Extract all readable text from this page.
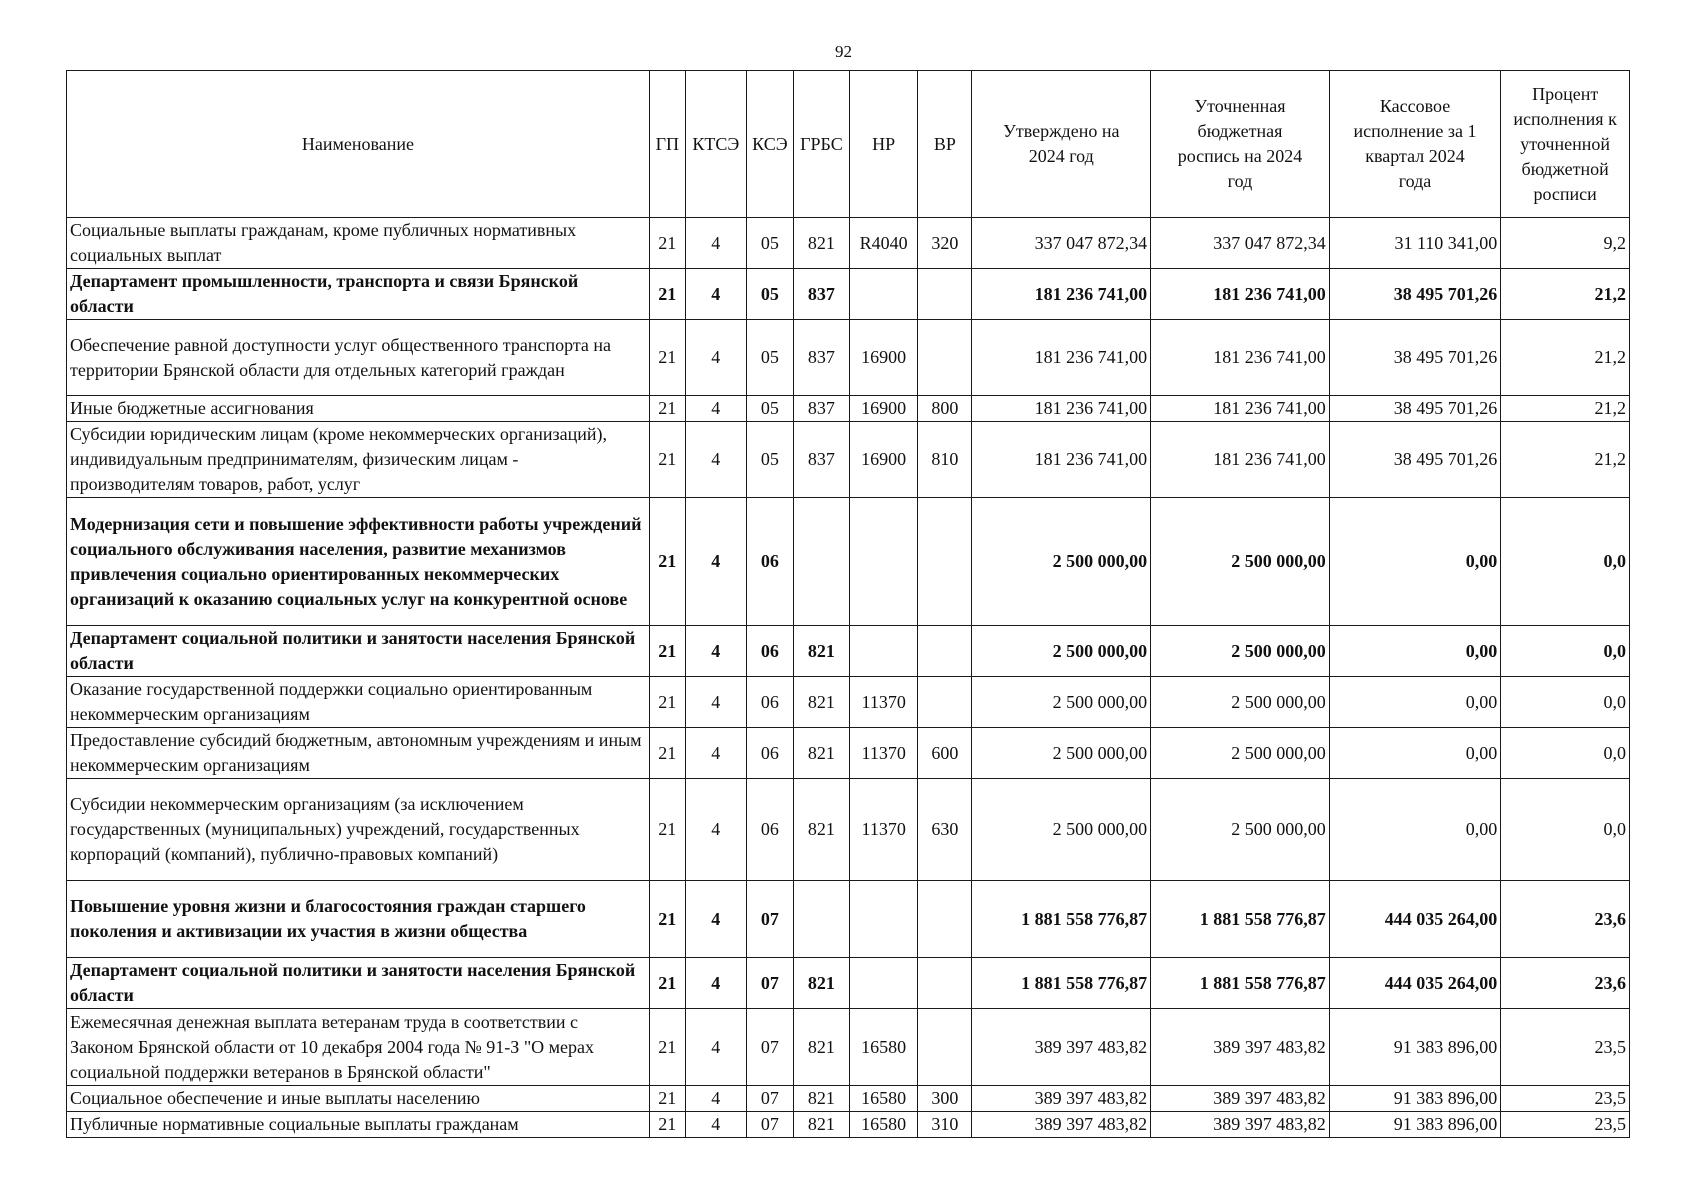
92
Наименование	ГП	КТСЭ	КСЭ	ГРБС	НР	ВР	Утверждено на 2024 год	Уточненная бюджетная роспись на 2024 год	Кассовое исполнение за 1 квартал 2024 года	Процент исполнения к уточненной бюджетной росписи
Социальные выплаты гражданам, кроме публичных нормативных социальных выплат	21	4	05	821	R4040	320	337 047 872,34	337 047 872,34	31 110 341,00	9,2
Департамент промышленности, транспорта и связи Брянской области	21	4	05	837			181 236 741,00	181 236 741,00	38 495 701,26	21,2
Обеспечение равной доступности услуг общественного транспорта на территории Брянской области для отдельных категорий граждан	21	4	05	837	16900		181 236 741,00	181 236 741,00	38 495 701,26	21,2
Иные бюджетные ассигнования	21	4	05	837	16900	800	181 236 741,00	181 236 741,00	38 495 701,26	21,2
Субсидии юридическим лицам (кроме некоммерческих организаций), индивидуальным предпринимателям, физическим лицам - производителям товаров, работ, услуг	21	4	05	837	16900	810	181 236 741,00	181 236 741,00	38 495 701,26	21,2
Модернизация сети и повышение эффективности работы учреждений социального обслуживания населения, развитие механизмов привлечения социально ориентированных некоммерческих организаций к оказанию социальных услуг на конкурентной основе	21	4	06				2 500 000,00	2 500 000,00	0,00	0,0
Департамент социальной политики и занятости населения Брянской области	21	4	06	821			2 500 000,00	2 500 000,00	0,00	0,0
Оказание государственной поддержки социально ориентированным некоммерческим организациям	21	4	06	821	11370		2 500 000,00	2 500 000,00	0,00	0,0
Предоставление субсидий бюджетным, автономным учреждениям и иным некоммерческим организациям	21	4	06	821	11370	600	2 500 000,00	2 500 000,00	0,00	0,0
Субсидии некоммерческим организациям (за исключением государственных (муниципальных) учреждений, государственных корпораций (компаний), публично-правовых компаний)	21	4	06	821	11370	630	2 500 000,00	2 500 000,00	0,00	0,0
Повышение уровня жизни и благосостояния граждан старшего поколения и активизации их участия в жизни общества	21	4	07				1 881 558 776,87	1 881 558 776,87	444 035 264,00	23,6
Департамент социальной политики и занятости населения Брянской области	21	4	07	821			1 881 558 776,87	1 881 558 776,87	444 035 264,00	23,6
Ежемесячная денежная выплата ветеранам труда в соответствии с Законом Брянской области от 10 декабря 2004 года № 91-З "О мерах социальной поддержки ветеранов в Брянской области"	21	4	07	821	16580		389 397 483,82	389 397 483,82	91 383 896,00	23,5
Социальное обеспечение и иные выплаты населению	21	4	07	821	16580	300	389 397 483,82	389 397 483,82	91 383 896,00	23,5
Публичные нормативные социальные выплаты гражданам	21	4	07	821	16580	310	389 397 483,82	389 397 483,82	91 383 896,00	23,5
